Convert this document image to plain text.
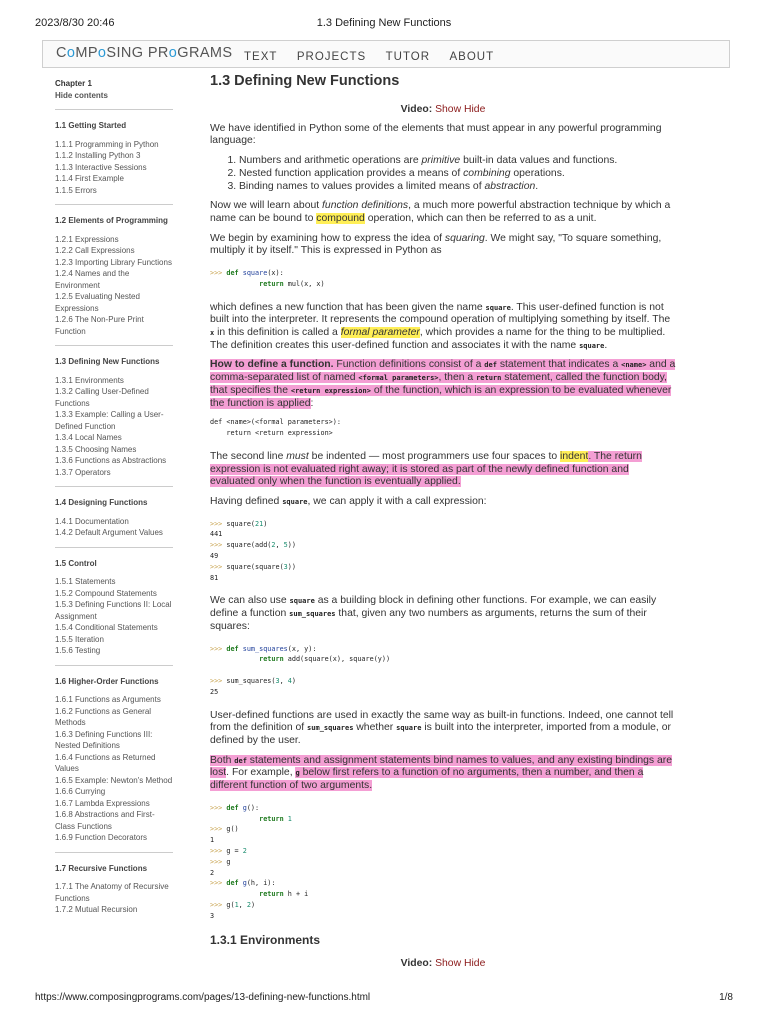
2023/8/30 20:46	1.3 Defining New Functions
CoMPoSING PRoGRAMS TEXT PROJECTS TUTOR ABOUT
Chapter 1
Hide contents
1.1 Getting Started
1.1.1 Programming in Python
1.1.2 Installing Python 3
1.1.3 Interactive Sessions
1.1.4 First Example
1.1.5 Errors
1.2 Elements of Programming
1.2.1 Expressions
1.2.2 Call Expressions
1.2.3 Importing Library Functions
1.2.4 Names and the Environment
1.2.5 Evaluating Nested Expressions
1.2.6 The Non-Pure Print Function
1.3 Defining New Functions
1.3.1 Environments
1.3.2 Calling User-Defined Functions
1.3.3 Example: Calling a User-Defined Function
1.3.4 Local Names
1.3.5 Choosing Names
1.3.6 Functions as Abstractions
1.3.7 Operators
1.4 Designing Functions
1.4.1 Documentation
1.4.2 Default Argument Values
1.5 Control
1.5.1 Statements
1.5.2 Compound Statements
1.5.3 Defining Functions II: Local Assignment
1.5.4 Conditional Statements
1.5.5 Iteration
1.5.6 Testing
1.6 Higher-Order Functions
1.6.1 Functions as Arguments
1.6.2 Functions as General Methods
1.6.3 Defining Functions III: Nested Definitions
1.6.4 Functions as Returned Values
1.6.5 Example: Newton's Method
1.6.6 Currying
1.6.7 Lambda Expressions
1.6.8 Abstractions and First-Class Functions
1.6.9 Function Decorators
1.7 Recursive Functions
1.7.1 The Anatomy of Recursive Functions
1.7.2 Mutual Recursion
1.3 Defining New Functions
Video: Show Hide

We have identified in Python some of the elements that must appear in any powerful programming language:

1. Numbers and arithmetic operations are primitive built-in data values and functions.
2. Nested function application provides a means of combining operations.
3. Binding names to values provides a limited means of abstraction.

Now we will learn about function definitions, a much more powerful abstraction technique by which a name can be bound to compound operation, which can then be referred to as a unit.

We begin by examining how to express the idea of squaring. We might say, "To square something, multiply it by itself." This is expressed in Python as

>>> def square(x):
return mul(x, x)

which defines a new function that has been given the name square. This user-defined function is not built into the interpreter. It represents the compound operation of multiplying something by itself. The x in this definition is called a formal parameter, which provides a name for the thing to be multiplied. The definition creates this user-defined function and associates it with the name square.

How to define a function. Function definitions consist of a def statement that indicates a <name> and a comma-separated list of named <formal parameters>, then a return statement, called the function body, that specifies the <return expression> of the function, which is an expression to be evaluated whenever the function is applied:

def <name>(<formal parameters>):
return <return expression>

The second line must be indented — most programmers use four spaces to indent. The return expression is not evaluated right away; it is stored as part of the newly defined function and evaluated only when the function is eventually applied.

Having defined square, we can apply it with a call expression:

>>> square(21)
441
>>> square(add(2, 5))
49
>>> square(square(3))
81

We can also use square as a building block in defining other functions. For example, we can easily define a function sum_squares that, given any two numbers as arguments, returns the sum of their squares:

>>> def sum_squares(x, y):
return add(square(x), square(y))

>>> sum_squares(3, 4)
25

User-defined functions are used in exactly the same way as built-in functions. Indeed, one cannot tell from the definition of sum_squares whether square is built into the interpreter, imported from a module, or defined by the user.

Both def statements and assignment statements bind names to values, and any existing bindings are lost. For example, g below first refers to a function of no arguments, then a number, and then a different function of two arguments.

>>> def g():
return 1
>>> g()
1
>>> g = 2
>>> g
2
>>> def g(h, i):
return h + i
>>> g(1, 2)
3
1.3.1 Environments
Video: Show Hide
https://www.composingprograms.com/pages/13-defining-new-functions.html	1/8
